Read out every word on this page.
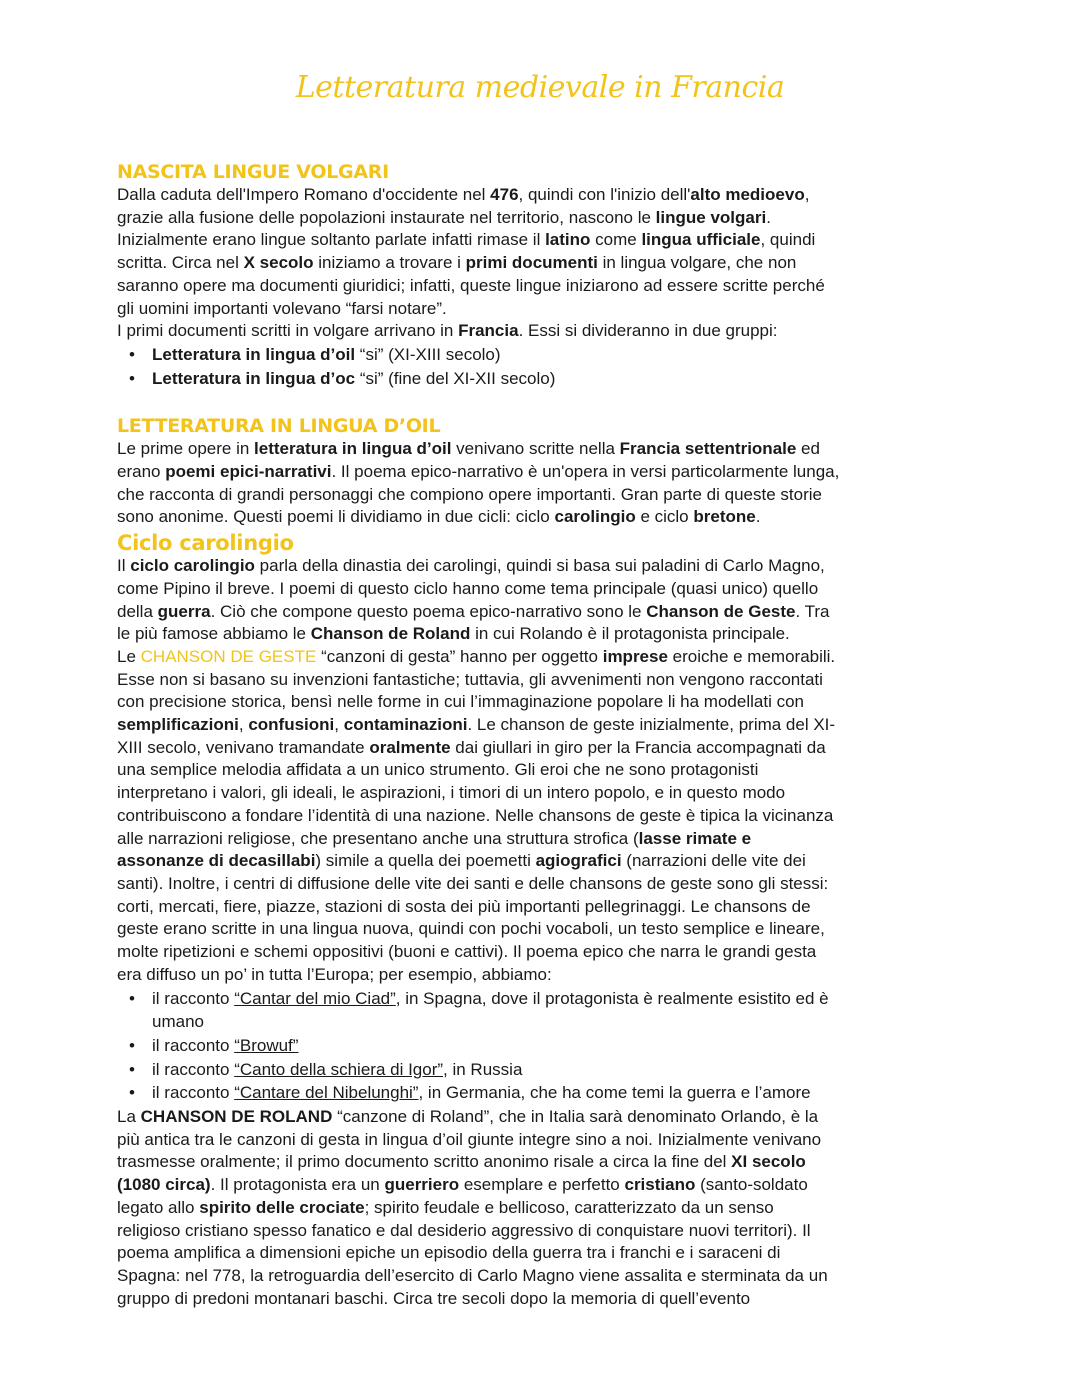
Letteratura medievale in Francia
NASCITA LINGUE VOLGARI
Dalla caduta dell'Impero Romano d'occidente nel 476, quindi con l'inizio dell'alto medioevo,
grazie alla fusione delle popolazioni instaurate nel territorio, nascono le lingue volgari.
Inizialmente erano lingue soltanto parlate infatti rimase il latino come lingua ufficiale, quindi
scritta. Circa nel X secolo iniziamo a trovare i primi documenti in lingua volgare, che non
saranno opere ma documenti giuridici; infatti, queste lingue iniziarono ad essere scritte perché
gli uomini importanti volevano “farsi notare”.
I primi documenti scritti in volgare arrivano in Francia. Essi si divideranno in due gruppi:
• Letteratura in lingua d’oil “si” (XI-XIII secolo)
• Letteratura in lingua d’oc “si” (fine del XI-XII secolo)
LETTERATURA IN LINGUA D’OIL
Le prime opere in letteratura in lingua d’oil venivano scritte nella Francia settentrionale ed
erano poemi epici-narrativi. Il poema epico-narrativo è un'opera in versi particolarmente lunga,
che racconta di grandi personaggi che compiono opere importanti. Gran parte di queste storie
sono anonime. Questi poemi li dividiamo in due cicli: ciclo carolingio e ciclo bretone.
Ciclo carolingio
Il ciclo carolingio parla della dinastia dei carolingi, quindi si basa sui paladini di Carlo Magno,
come Pipino il breve. I poemi di questo ciclo hanno come tema principale (quasi unico) quello
della guerra. Ciò che compone questo poema epico-narrativo sono le Chanson de Geste. Tra
le più famose abbiamo le Chanson de Roland in cui Rolando è il protagonista principale.
Le CHANSON DE GESTE “canzoni di gesta” hanno per oggetto imprese eroiche e memorabili.
Esse non si basano su invenzioni fantastiche; tuttavia, gli avvenimenti non vengono raccontati
con precisione storica, bensì nelle forme in cui l’immaginazione popolare li ha modellati con
semplificazioni, confusioni, contaminazioni. Le chanson de geste inizialmente, prima del XI-
XIII secolo, venivano tramandate oralmente dai giullari in giro per la Francia accompagnati da
una semplice melodia affidata a un unico strumento. Gli eroi che ne sono protagonisti
interpretano i valori, gli ideali, le aspirazioni, i timori di un intero popolo, e in questo modo
contribuiscono a fondare l’identità di una nazione. Nelle chansons de geste è tipica la vicinanza
alle narrazioni religiose, che presentano anche una struttura strofica (lasse rimate e
assonanze di decasillabi) simile a quella dei poemetti agiografici (narrazioni delle vite dei
santi). Inoltre, i centri di diffusione delle vite dei santi e delle chansons de geste sono gli stessi:
corti, mercati, fiere, piazze, stazioni di sosta dei più importanti pellegrinaggi. Le chansons de
geste erano scritte in una lingua nuova, quindi con pochi vocaboli, un testo semplice e lineare,
molte ripetizioni e schemi oppositivi (buoni e cattivi). Il poema epico che narra le grandi gesta
era diffuso un po’ in tutta l’Europa; per esempio, abbiamo:
• il racconto “Cantar del mio Ciad”, in Spagna, dove il protagonista è realmente esistito ed è
umano
• il racconto “Browuf”
• il racconto “Canto della schiera di Igor”, in Russia
• il racconto “Cantare del Nibelunghi”, in Germania, che ha come temi la guerra e l’amore
La CHANSON DE ROLAND “canzone di Roland”, che in Italia sarà denominato Orlando, è la
più antica tra le canzoni di gesta in lingua d’oil giunte integre sino a noi. Inizialmente venivano
trasmesse oralmente; il primo documento scritto anonimo risale a circa la fine del XI secolo
(1080 circa). Il protagonista era un guerriero esemplare e perfetto cristiano (santo-soldato
legato allo spirito delle crociate; spirito feudale e bellicoso, caratterizzato da un senso
religioso cristiano spesso fanatico e dal desiderio aggressivo di conquistare nuovi territori). Il
poema amplifica a dimensioni epiche un episodio della guerra tra i franchi e i saraceni di
Spagna: nel 778, la retroguardia dell’esercito di Carlo Magno viene assalita e sterminata da un
gruppo di predoni montanari baschi. Circa tre secoli dopo la memoria di quell’evento
